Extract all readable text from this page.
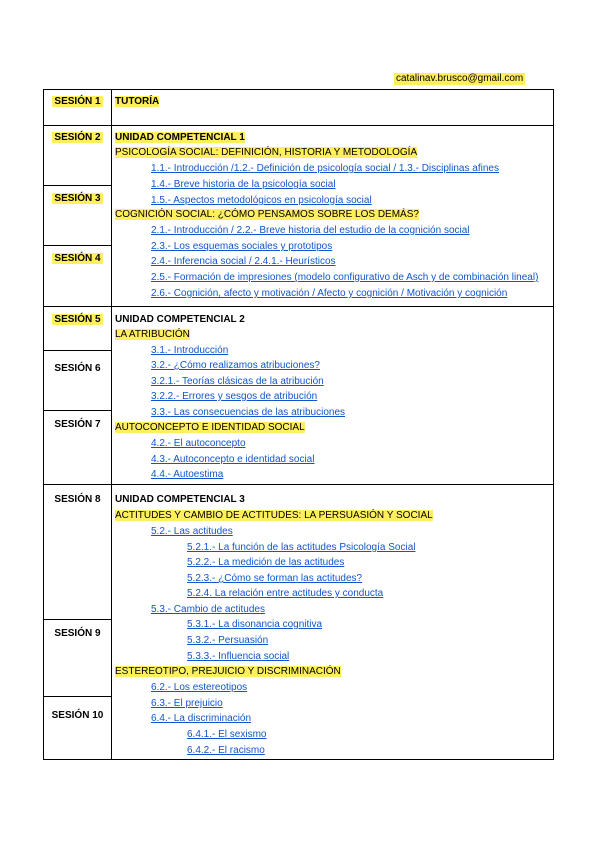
catalinav.brusco@gmail.com
SESIÓN 1
SESIÓN 2
SESIÓN 3
SESIÓN 4
SESIÓN 5
SESIÓN 6
SESIÓN 7
SESIÓN 8
SESIÓN 9
SESIÓN 10
TUTORÍA
UNIDAD COMPETENCIAL 1
PSICOLOGÍA SOCIAL: DEFINICIÓN, HISTORIA Y METODOLOGÍA
1.1.- Introducción /1.2.- Definición de psicología social / 1.3.- Disciplinas afines
1.4.- Breve historia de la psicología social
1.5.- Aspectos metodológicos en psicología social
COGNICIÓN SOCIAL: ¿CÓMO PENSAMOS SOBRE LOS DEMÁS?
2.1.- Introducción / 2.2.- Breve historia del estudio de la cognición social
2.3.- Los esquemas sociales y prototipos
2.4.- Inferencia social / 2.4.1.- Heurísticos
2.5.- Formación de impresiones (modelo configurativo de Asch y de combinación lineal)
2.6.- Cognición, afecto y motivación / Afecto y cognición / Motivación y cognición
UNIDAD COMPETENCIAL 2
LA ATRIBUCIÓN
3.1.- Introducción
3.2.- ¿Cómo realizamos atribuciones?
3.2.1.- Teorías clásicas de la atribución
3.2.2.- Errores y sesgos de atribución
3.3.- Las consecuencias de las atribuciones
AUTOCONCEPTO E IDENTIDAD SOCIAL
4.2.- El autoconcepto
4.3.- Autoconcepto e identidad social
4.4.- Autoestima
UNIDAD COMPETENCIAL 3
ACTITUDES Y CAMBIO DE ACTITUDES: LA PERSUASIÓN Y SOCIAL
5.2.- Las actitudes
5.2.1.- La función de las actitudes Psicología Social
5.2.2.- La medición de las actitudes
5.2.3.- ¿Cómo se forman las actitudes?
5.2.4. La relación entre actitudes y conducta
5.3.- Cambio de actitudes
5.3.1.- La disonancia cognitiva
5.3.2.- Persuasión
5.3.3.- Influencia social
ESTEREOTIPO, PREJUICIO Y DISCRIMINACIÓN
6.2.- Los estereotipos
6.3.- El prejuicio
6.4.- La discriminación
6.4.1.- El sexismo
6.4.2.- El racismo
